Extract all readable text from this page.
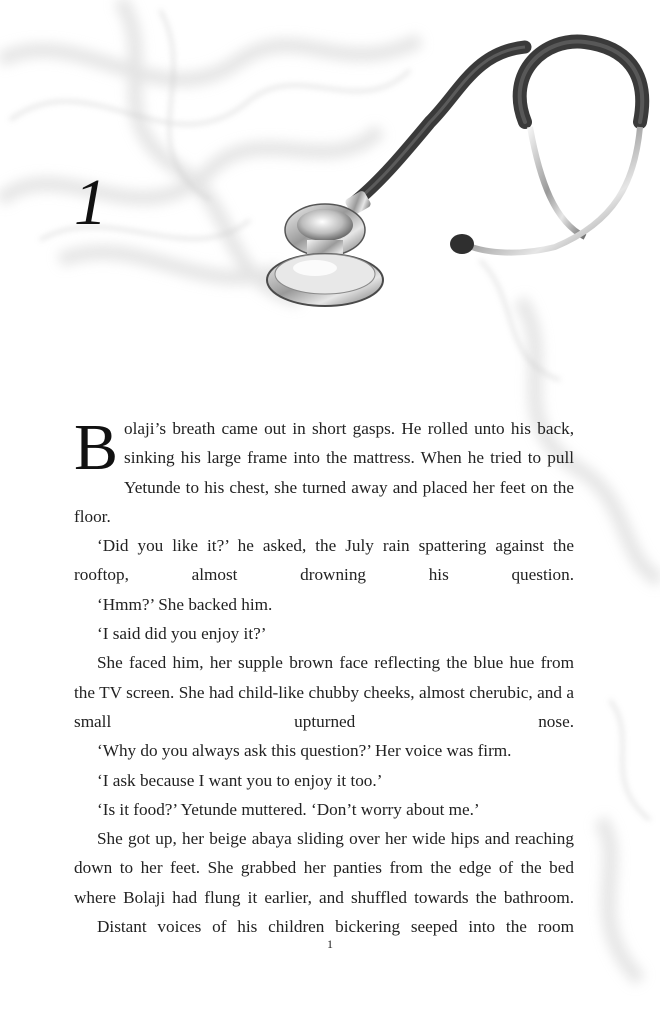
1

Bolaji’s breath came out in short gasps. He rolled unto his back, sinking his large frame into the mattress. When he tried to pull Yetunde to his chest, she turned away and placed her feet on the floor.

‘Did you like it?’ he asked, the July rain spattering against the rooftop, almost drowning his question.

‘Hmm?’ She backed him.

‘I said did you enjoy it?’

She faced him, her supple brown face reflecting the blue hue from the TV screen. She had child-like chubby cheeks, almost cherubic, and a small upturned nose.

‘Why do you always ask this question?’ Her voice was firm.

‘I ask because I want you to enjoy it too.’

‘Is it food?’ Yetunde muttered. ‘Don’t worry about me.’

She got up, her beige abaya sliding over her wide hips and reaching down to her feet. She grabbed her panties from the edge of the bed where Bolaji had flung it earlier, and shuffled towards the bathroom.

Distant voices of his children bickering seeped into the room

1
